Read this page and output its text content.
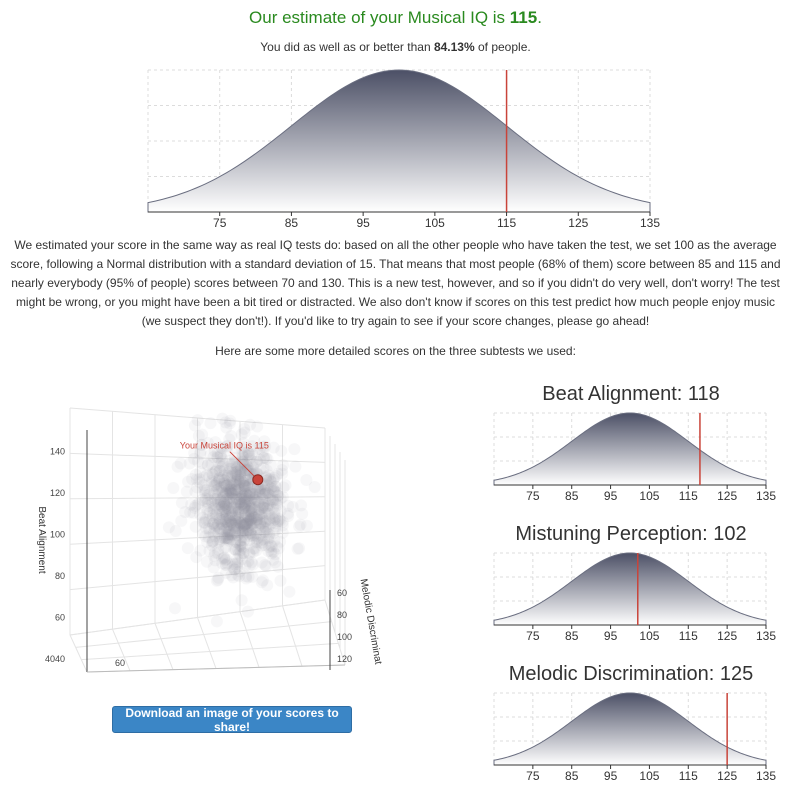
Our estimate of your Musical IQ is 115.
You did as well as or better than 84.13% of people.
75	85	95	105	115	125	135
We estimated your score in the same way as real IQ tests do: based on all the other people who have taken the test, we set 100 as the average score, following a Normal distribution with a standard deviation of 15. That means that most people (68% of them) score between 85 and 115 and nearly everybody (95% of people) scores between 70 and 130. This is a new test, however, and so if you didn't do very well, don't worry! The test might be wrong, or you might have been a bit tired or distracted. We also don't know if scores on this test predict how much people enjoy music (we suspect they don't!). If you'd like to try again to see if your score changes, please go ahead!
Here are some more detailed scores on the three subtests we used:
40
60
80
100
120
140
Beat Alignment
60
80
100
120 Melodic Discriminat
40	60
Your Musical IQ is 115
Beat Alignment: 118
75 85 95 105 115 125 135
Mistuning Perception: 102
75 85 95 105 115 125 135
Melodic Discrimination: 125
75 85 95 105 115 125 135
Download an image of your scores to share!
